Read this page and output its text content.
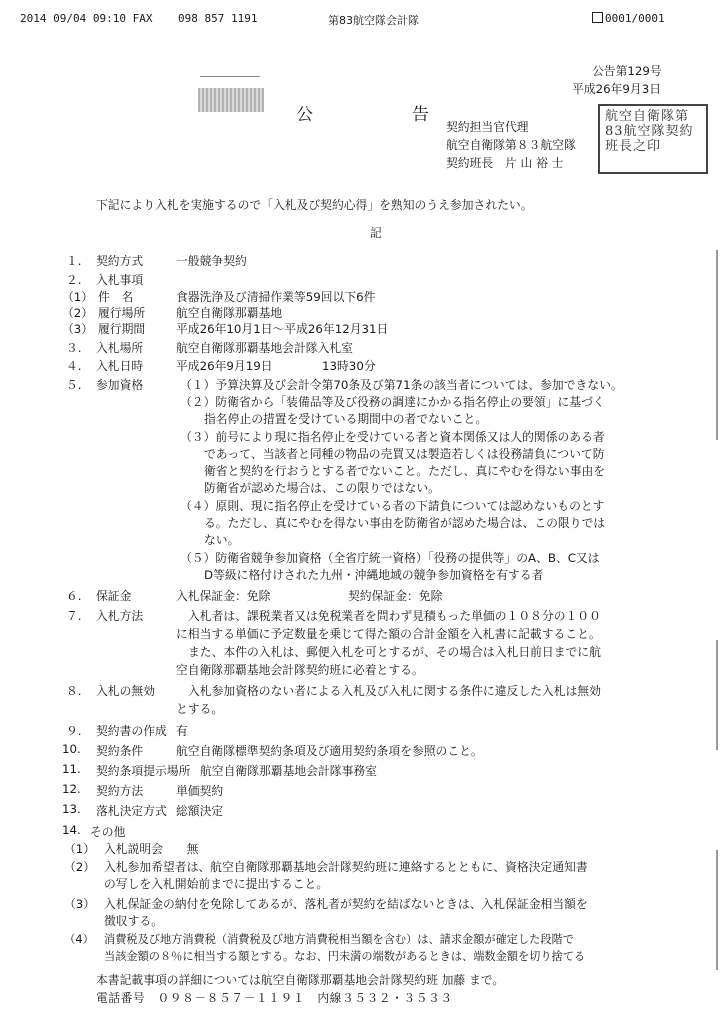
2014 09/04 09:10 FAX 098 857 1191	第83航空隊会計隊	0001/0001
公告第129号
平成26年9月3日
公	告
契約担当官代理
航空自衛隊第８３航空隊
契約班長　片 山 裕 士
航空自衛隊第83航空隊契約班長之印
下記により入札を実施するので「入札及び契約心得」を熟知のうえ参加されたい。
記
１. 契約方式	一般競争契約
２. 入札事項
（1） 件　名	食器洗浄及び清掃作業等59回以下6件
（2） 履行場所	航空自衛隊那覇基地
（3） 履行期間	平成26年10月1日～平成26年12月31日
３. 入札場所	航空自衛隊那覇基地会計隊入札室
４. 入札日時	平成26年9月19日	13時30分
５. 参加資格	（１）予算決算及び会計令第70条及び第71条の該当者については、参加できない。
（２）防衛省から「装備品等及び役務の調達にかかる指名停止の要領」に基づく
指名停止の措置を受けている期間中の者でないこと。
（３）前号により現に指名停止を受けている者と資本関係又は人的関係のある者
であって、当該者と同種の物品の売買又は製造若しくは役務請負について防
衛省と契約を行おうとする者でないこと。ただし、真にやむを得ない事由を
防衛省が認めた場合は、この限りではない。
（４）原則、現に指名停止を受けている者の下請負については認めないものとす
る。ただし、真にやむを得ない事由を防衛省が認めた場合は、この限りでは
ない。
（５）防衛省競争参加資格（全省庁統一資格）「役務の提供等」のA、B、C又は
D等級に格付けされた九州・沖縄地域の競争参加資格を有する者
６. 保証金	入札保証金：免除	契約保証金：免除
７. 入札方法	入札者は、課税業者又は免税業者を問わず見積もった単価の１０８分の１００
に相当する単価に予定数量を乗じて得た額の合計金額を入札書に記載すること。
また、本件の入札は、郵便入札を可とするが、その場合は入札日前日までに航
空自衛隊那覇基地会計隊契約班に必着とする。
８. 入札の無効	入札参加資格のない者による入札及び入札に関する条件に違反した入札は無効
とする。
９. 契約書の作成 有
10. 契約条件	航空自衛隊標準契約条項及び適用契約条項を参照のこと。
11. 契約条項提示場所 航空自衛隊那覇基地会計隊事務室
12. 契約方法	単価契約
13. 落札決定方式 総額決定
14. その他
（1） 入札説明会　　無
（2） 入札参加希望者は、航空自衛隊那覇基地会計隊契約班に連絡するとともに、資格決定通知書
の写しを入札開始前までに提出すること。
（3） 入札保証金の納付を免除してあるが、落札者が契約を結ばないときは、入札保証金相当額を
徴収する。
（4） 消費税及び地方消費税（消費税及び地方消費税相当額を含む）は、請求金額が確定した段階で
当該金額の８％に相当する額とする。なお、円未満の端数があるときは、端数金額を切り捨てる
本書記載事項の詳細については航空自衛隊那覇基地会計隊契約班 加藤 まで。
電話番号　０９８－８５７－１１９１　内線３５３２・３５３３
